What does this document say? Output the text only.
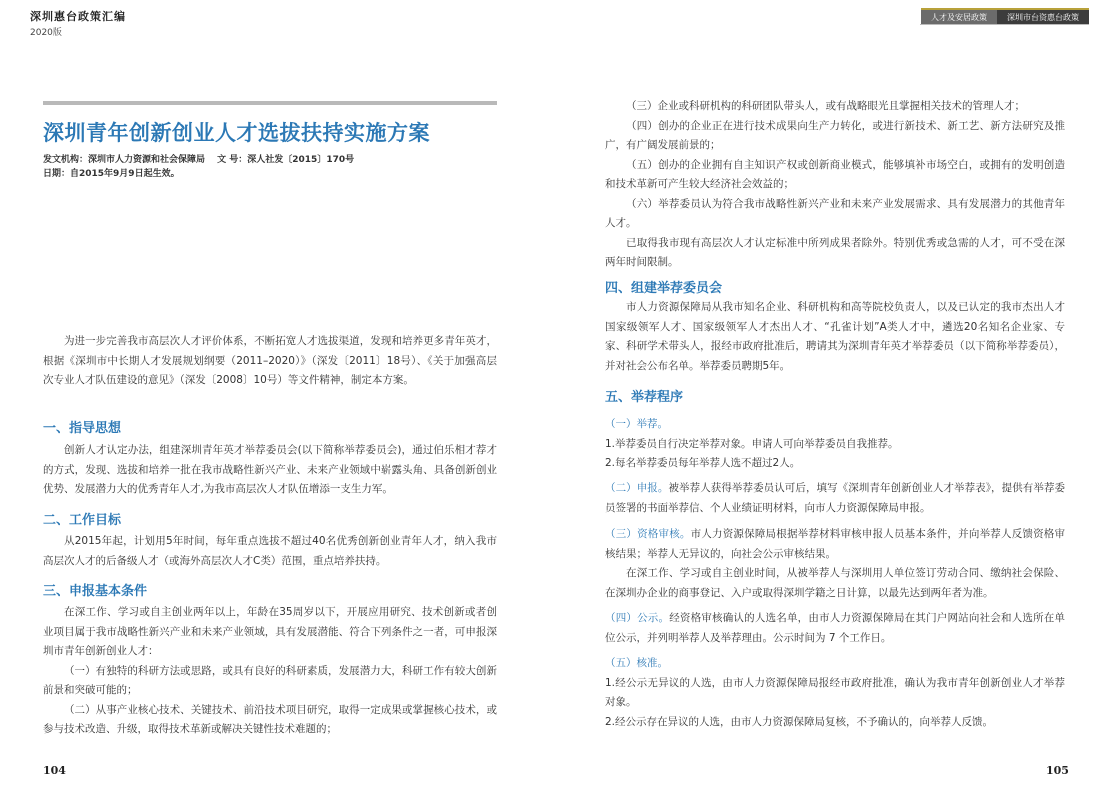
深圳惠台政策汇编
2020版
人才及安居政策	深圳市台资惠台政策
深圳青年创新创业人才选拔扶持实施方案
发文机构：深圳市人力资源和社会保障局　 文 号：深人社发〔2015〕170号
日期：自2015年9月9日起生效。

为进一步完善我市高层次人才评价体系，不断拓宽人才选拔渠道，发现和培养更多青年英才，根据《深圳市中长期人才发展规划纲要（2011–2020）》（深发〔2011〕18号）、《关于加强高层次专业人才队伍建设的意见》（深发〔2008〕10号）等文件精神，制定本方案。

一、指导思想

创新人才认定办法，组建深圳青年英才举荐委员会(以下简称举荐委员会)，通过伯乐相才荐才的方式，发现、选拔和培养一批在我市战略性新兴产业、未来产业领域中崭露头角、具备创新创业优势、发展潜力大的优秀青年人才,为我市高层次人才队伍增添一支生力军。

二、工作目标

从2015年起，计划用5年时间，每年重点选拔不超过40名优秀创新创业青年人才，纳入我市高层次人才的后备级人才（或海外高层次人才C类）范围，重点培养扶持。

三、申报基本条件

在深工作、学习或自主创业两年以上，年龄在35周岁以下，开展应用研究、技术创新或者创业项目属于我市战略性新兴产业和未来产业领域，具有发展潜能、符合下列条件之一者，可申报深圳市青年创新创业人才：

（一）有独特的科研方法或思路，或具有良好的科研素质，发展潜力大，科研工作有较大创新前景和突破可能的；

（二）从事产业核心技术、关键技术、前沿技术项目研究，取得一定成果或掌握核心技术，或参与技术改造、升级，取得技术革新或解决关键性技术难题的；

104

（三）企业或科研机构的科研团队带头人，或有战略眼光且掌握相关技术的管理人才；

（四）创办的企业正在进行技术成果向生产力转化，或进行新技术、新工艺、新方法研究及推广，有广阔发展前景的；

（五）创办的企业拥有自主知识产权或创新商业模式，能够填补市场空白，或拥有的发明创造和技术革新可产生较大经济社会效益的；

（六）举荐委员认为符合我市战略性新兴产业和未来产业发展需求、具有发展潜力的其他青年人才。

已取得我市现有高层次人才认定标准中所列成果者除外。特别优秀或急需的人才，可不受在深两年时间限制。

四、组建举荐委员会

市人力资源保障局从我市知名企业、科研机构和高等院校负责人，以及已认定的我市杰出人才国家级领军人才、国家级领军人才杰出人才、“孔雀计划”A类人才中，遴选20名知名企业家、专家、科研学术带头人，报经市政府批准后，聘请其为深圳青年英才举荐委员（以下简称举荐委员），并对社会公布名单。举荐委员聘期5年。

五、举荐程序

（一）举荐。

1.举荐委员自行决定举荐对象。申请人可向举荐委员自我推荐。

2.每名举荐委员每年举荐人选不超过2人。

（二）申报。被举荐人获得举荐委员认可后，填写《深圳青年创新创业人才举荐表》，提供有举荐委员签署的书面举荐信、个人业绩证明材料，向市人力资源保障局申报。

（三）资格审核。市人力资源保障局根据举荐材料审核申报人员基本条件，并向举荐人反馈资格审核结果；举荐人无异议的，向社会公示审核结果。

在深工作、学习或自主创业时间，从被举荐人与深圳用人单位签订劳动合同、缴纳社会保险、在深圳办企业的商事登记、入户或取得深圳学籍之日计算，以最先达到两年者为准。

（四）公示。经资格审核确认的人选名单，由市人力资源保障局在其门户网站向社会和人选所在单位公示，并列明举荐人及举荐理由。公示时间为 7 个工作日。

（五）核准。

1.经公示无异议的人选，由市人力资源保障局报经市政府批准，确认为我市青年创新创业人才举荐对象。

2.经公示存在异议的人选，由市人力资源保障局复核，不予确认的，向举荐人反馈。

105
